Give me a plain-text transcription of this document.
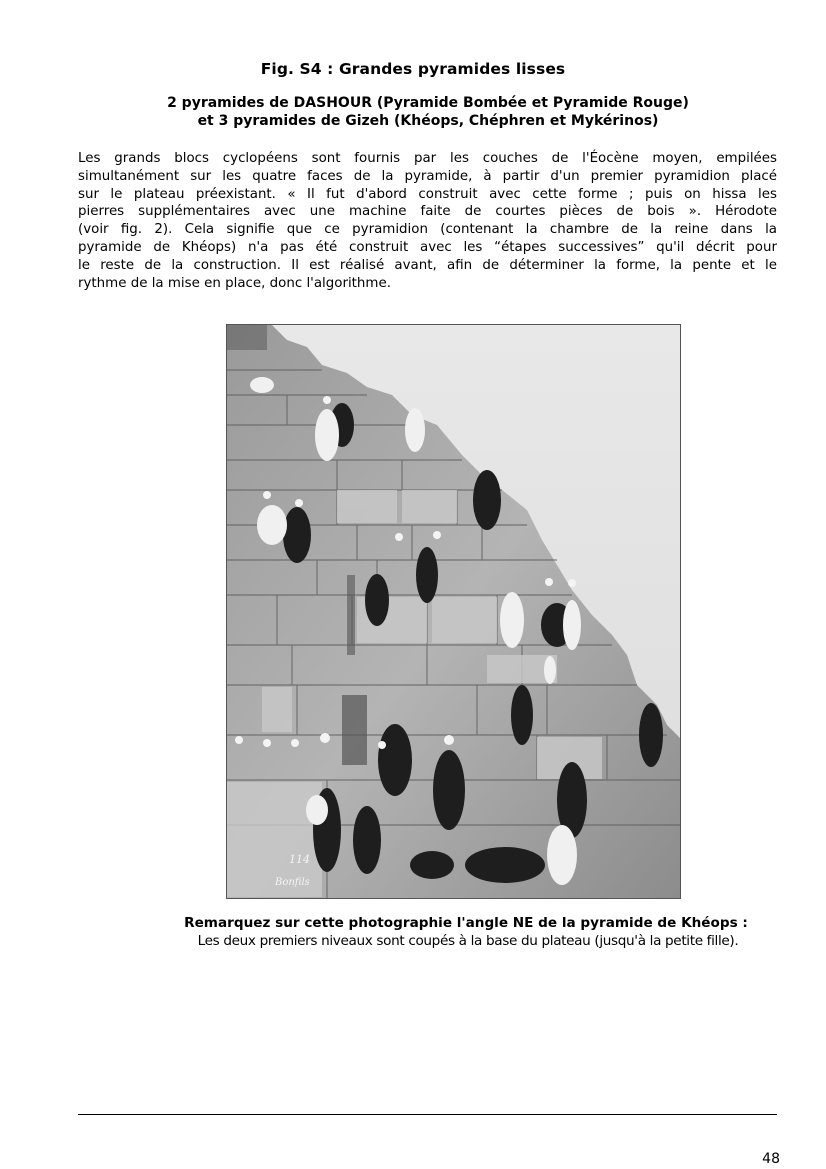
Fig. S4 : Grandes pyramides lisses
2 pyramides de DASHOUR (Pyramide Bombée et Pyramide Rouge)
et 3 pyramides de Gizeh (Khéops, Chéphren et Mykérinos)
Les grands blocs cyclopéens sont fournis par les couches de l'Éocène moyen, empilées
simultanément sur les quatre faces de la pyramide, à partir d'un premier pyramidion placé
sur le plateau préexistant. « Il fut d'abord construit avec cette forme ; puis on hissa les
pierres supplémentaires avec une machine faite de courtes pièces de bois ». Hérodote
(voir fig. 2). Cela signifie que ce pyramidion (contenant la chambre de la reine dans la
pyramide de Khéops) n'a pas été construit avec les “étapes successives” qu'il décrit pour
le reste de la construction. Il est réalisé avant, afin de déterminer la forme, la pente et le
rythme de la mise en place, donc l'algorithme.
114
Bonfils
Remarquez sur cette photographie l'angle NE de la pyramide de Khéops :
Les deux premiers niveaux sont coupés à la base du plateau (jusqu'à la petite fille).
48
